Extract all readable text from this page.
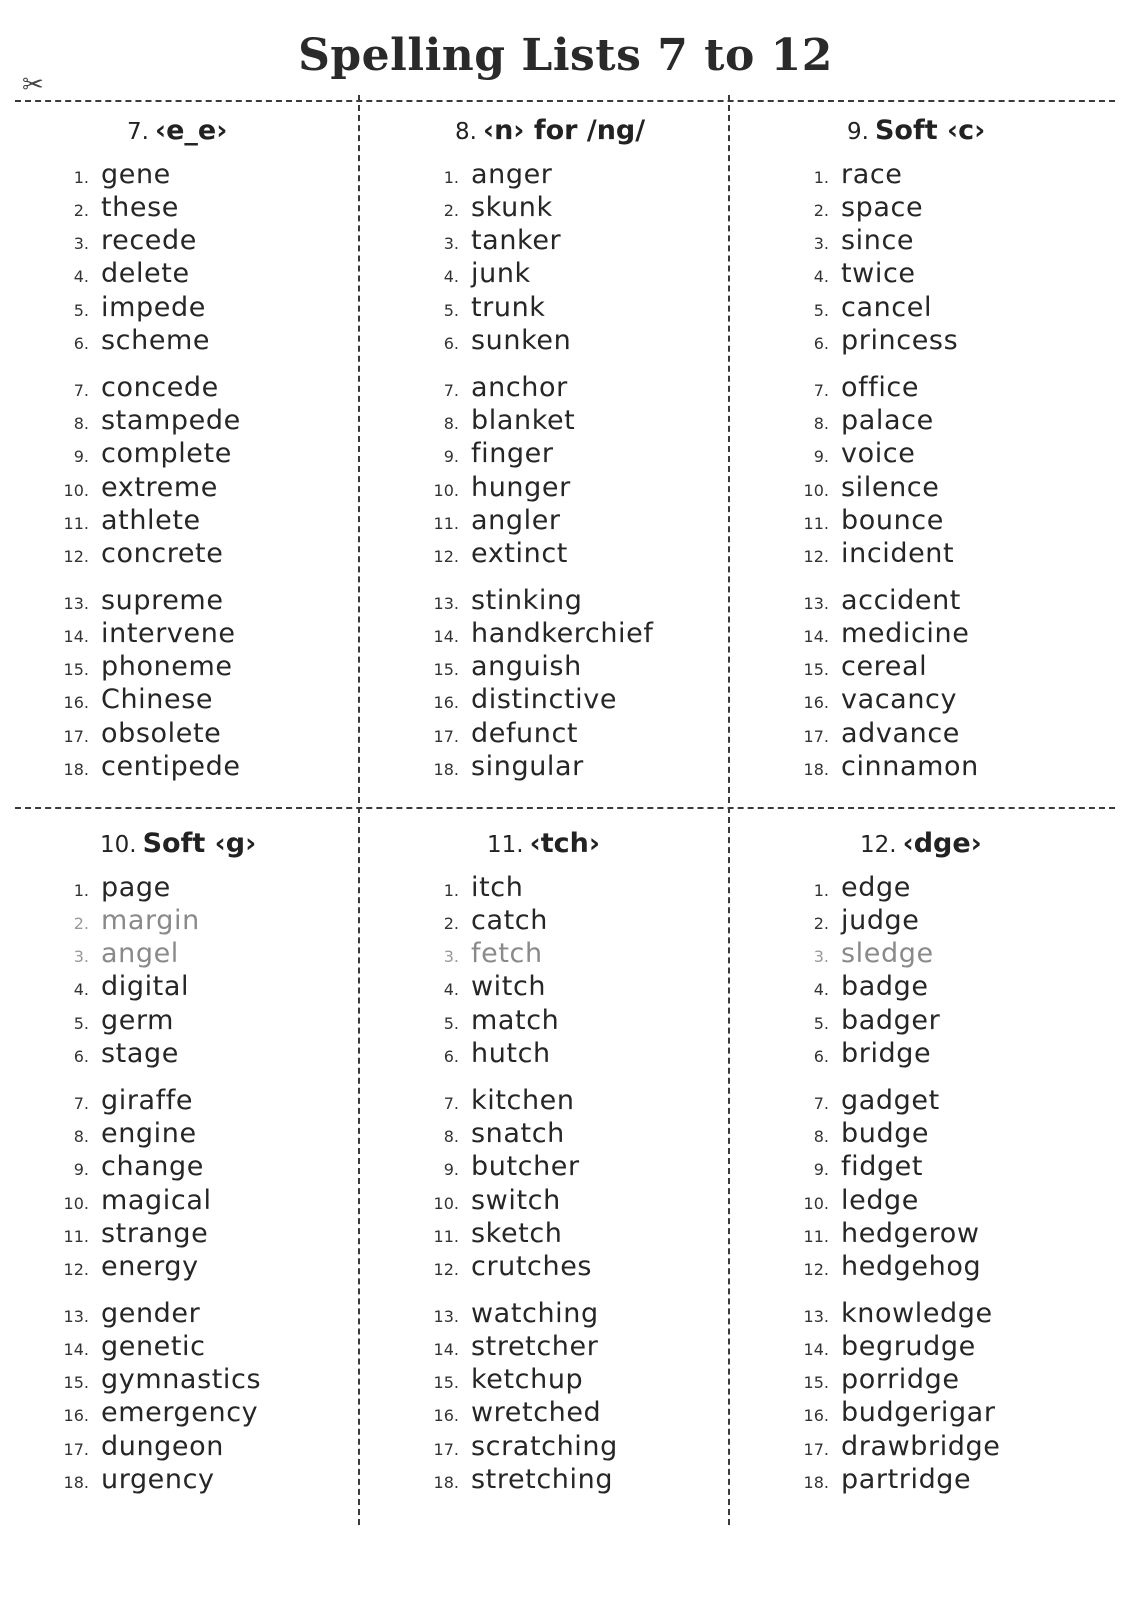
Spelling Lists 7 to 12
✂
7. ‹e_e›
1. gene
2. these
3. recede
4. delete
5. impede
6. scheme
7. concede
8. stampede
9. complete
10. extreme
11. athlete
12. concrete
13. supreme
14. intervene
15. phoneme
16. Chinese
17. obsolete
18. centipede
8. ‹n› for /ng/
1. anger
2. skunk
3. tanker
4. junk
5. trunk
6. sunken
7. anchor
8. blanket
9. finger
10. hunger
11. angler
12. extinct
13. stinking
14. handkerchief
15. anguish
16. distinctive
17. defunct
18. singular
9. Soft ‹c›
1. race
2. space
3. since
4. twice
5. cancel
6. princess
7. office
8. palace
9. voice
10. silence
11. bounce
12. incident
13. accident
14. medicine
15. cereal
16. vacancy
17. advance
18. cinnamon
10. Soft ‹g›
1. page
2. margin
3. angel
4. digital
5. germ
6. stage
7. giraffe
8. engine
9. change
10. magical
11. strange
12. energy
13. gender
14. genetic
15. gymnastics
16. emergency
17. dungeon
18. urgency
11. ‹tch›
1. itch
2. catch
3. fetch
4. witch
5. match
6. hutch
7. kitchen
8. snatch
9. butcher
10. switch
11. sketch
12. crutches
13. watching
14. stretcher
15. ketchup
16. wretched
17. scratching
18. stretching
12. ‹dge›
1. edge
2. judge
3. sledge
4. badge
5. badger
6. bridge
7. gadget
8. budge
9. fidget
10. ledge
11. hedgerow
12. hedgehog
13. knowledge
14. begrudge
15. porridge
16. budgerigar
17. drawbridge
18. partridge
